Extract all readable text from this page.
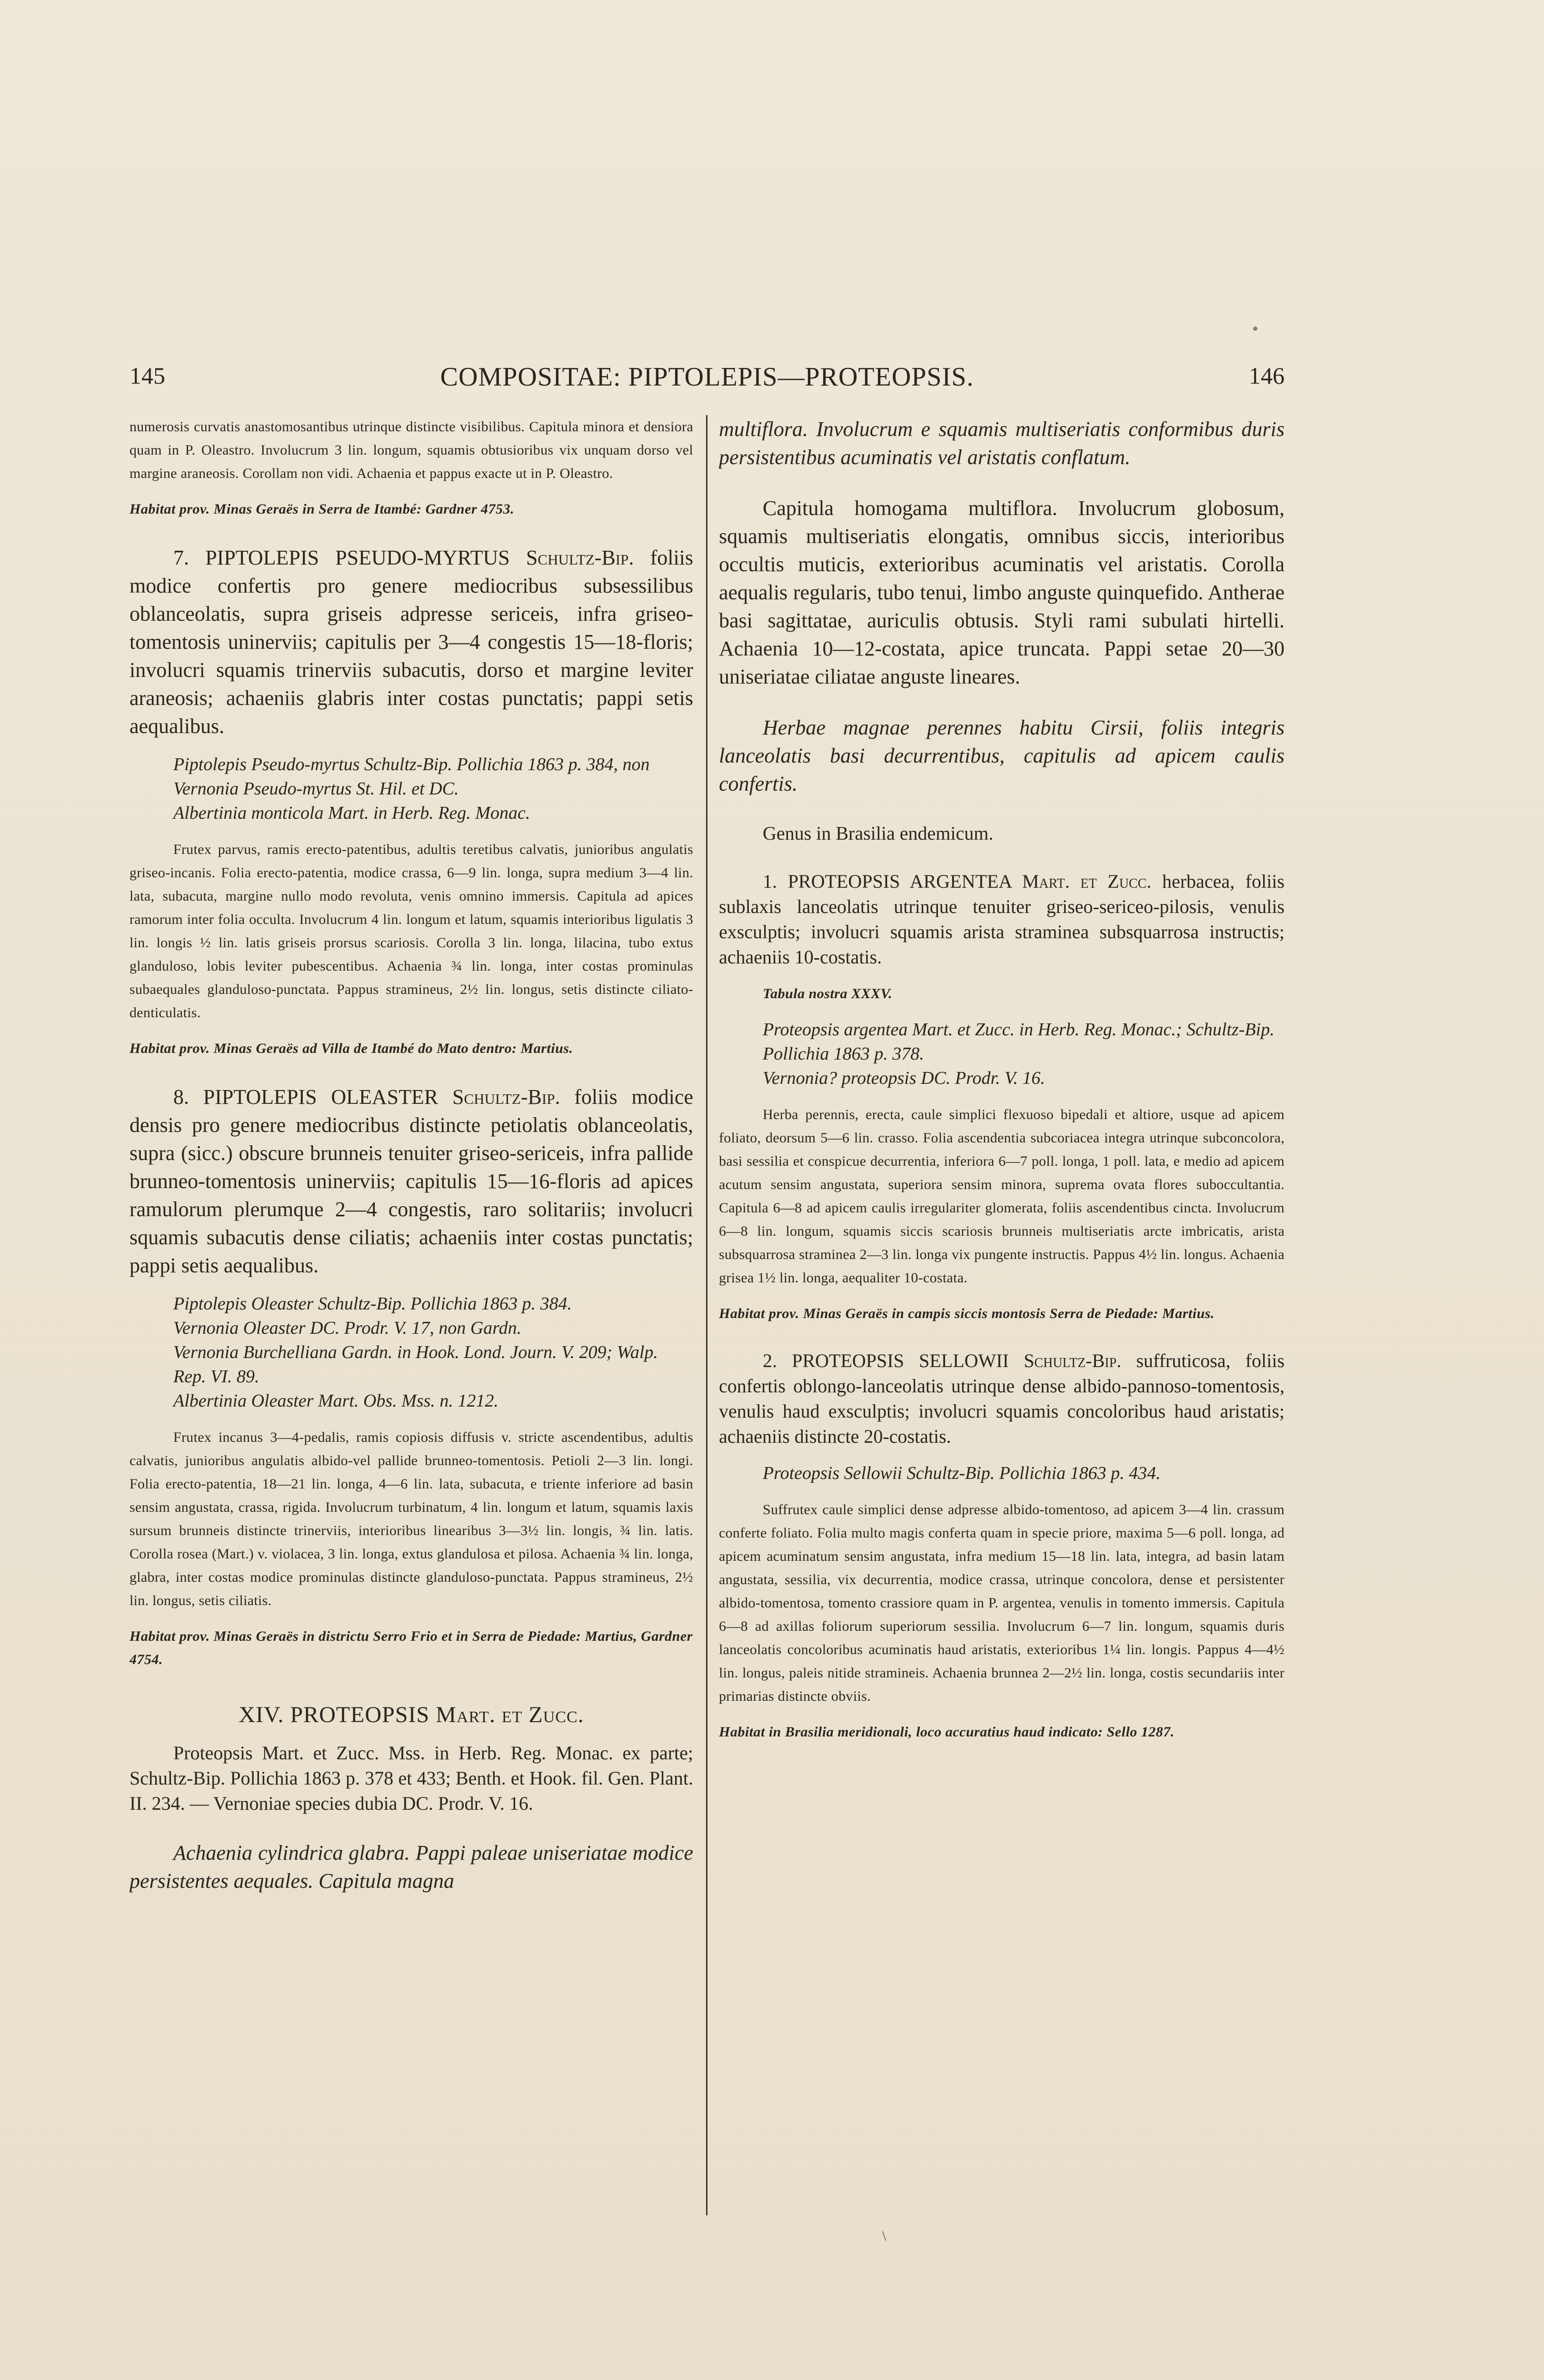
145	COMPOSITAE: PIPTOLEPIS—PROTEOPSIS.	146

numerosis curvatis anastomosantibus utrinque distincte visibilibus. Capitula minora et densiora quam in P. Oleastro. Involucrum 3 lin. longum, squamis obtusioribus vix unquam dorso vel margine araneosis. Corollam non vidi. Achaenia et pappus exacte ut in P. Oleastro.

Habitat prov. Minas Geraës in Serra de Itambé: Gardner 4753.

7. PIPTOLEPIS PSEUDO-MYRTUS Schultz-Bip. foliis modice confertis pro genere mediocribus subsessilibus oblanceolatis, supra griseis adpresse sericeis, infra griseo-tomentosis uninerviis; capitulis per 3—4 congestis 15—18-floris; involucri squamis trinerviis subacutis, dorso et margine leviter araneosis; achaeniis glabris inter costas punctatis; pappi setis aequalibus.

Piptolepis Pseudo-myrtus Schultz-Bip. Pollichia 1863 p. 384, non Vernonia Pseudo-myrtus St. Hil. et DC.

Albertinia monticola Mart. in Herb. Reg. Monac.

Frutex parvus, ramis erecto-patentibus, adultis teretibus calvatis, junioribus angulatis griseo-incanis. Folia erecto-patentia, modice crassa, 6—9 lin. longa, supra medium 3—4 lin. lata, subacuta, margine nullo modo revoluta, venis omnino immersis. Capitula ad apices ramorum inter folia occulta. Involucrum 4 lin. longum et latum, squamis interioribus ligulatis 3 lin. longis ½ lin. latis griseis prorsus scariosis. Corolla 3 lin. longa, lilacina, tubo extus glanduloso, lobis leviter pubescentibus. Achaenia ¾ lin. longa, inter costas prominulas subaequales glanduloso-punctata. Pappus stramineus, 2½ lin. longus, setis distincte ciliato-denticulatis.

Habitat prov. Minas Geraës ad Villa de Itambé do Mato dentro: Martius.

8. PIPTOLEPIS OLEASTER Schultz-Bip. foliis modice densis pro genere mediocribus distincte petiolatis oblanceolatis, supra (sicc.) obscure brunneis tenuiter griseo-sericeis, infra pallide brunneo-tomentosis uninerviis; capitulis 15—16-floris ad apices ramulorum plerumque 2—4 congestis, raro solitariis; involucri squamis subacutis dense ciliatis; achaeniis inter costas punctatis; pappi setis aequalibus.

Piptolepis Oleaster Schultz-Bip. Pollichia 1863 p. 384.

Vernonia Oleaster DC. Prodr. V. 17, non Gardn.

Vernonia Burchelliana Gardn. in Hook. Lond. Journ. V. 209; Walp. Rep. VI. 89.

Albertinia Oleaster Mart. Obs. Mss. n. 1212.

Frutex incanus 3—4-pedalis, ramis copiosis diffusis v. stricte ascendentibus, adultis calvatis, junioribus angulatis albido-vel pallide brunneo-tomentosis. Petioli 2—3 lin. longi. Folia erecto-patentia, 18—21 lin. longa, 4—6 lin. lata, subacuta, e triente inferiore ad basin sensim angustata, crassa, rigida. Involucrum turbinatum, 4 lin. longum et latum, squamis laxis sursum brunneis distincte trinerviis, interioribus linearibus 3—3½ lin. longis, ¾ lin. latis. Corolla rosea (Mart.) v. violacea, 3 lin. longa, extus glandulosa et pilosa. Achaenia ¾ lin. longa, glabra, inter costas modice prominulas distincte glanduloso-punctata. Pappus stramineus, 2½ lin. longus, setis ciliatis.

Habitat prov. Minas Geraës in districtu Serro Frio et in Serra de Piedade: Martius, Gardner 4754.

XIV. PROTEOPSIS Mart. et Zucc.

Proteopsis Mart. et Zucc. Mss. in Herb. Reg. Monac. ex parte; Schultz-Bip. Pollichia 1863 p. 378 et 433; Benth. et Hook. fil. Gen. Plant. II. 234. — Vernoniae species dubia DC. Prodr. V. 16.

Achaenia cylindrica glabra. Pappi paleae uniseriatae modice persistentes aequales. Capitula magna

multiflora. Involucrum e squamis multiseriatis conformibus duris persistentibus acuminatis vel aristatis conflatum.

Capitula homogama multiflora. Involucrum globosum, squamis multiseriatis elongatis, omnibus siccis, interioribus occultis muticis, exterioribus acuminatis vel aristatis. Corolla aequalis regularis, tubo tenui, limbo anguste quinquefido. Antherae basi sagittatae, auriculis obtusis. Styli rami subulati hirtelli. Achaenia 10—12-costata, apice truncata. Pappi setae 20—30 uniseriatae ciliatae anguste lineares.

Herbae magnae perennes habitu Cirsii, foliis integris lanceolatis basi decurrentibus, capitulis ad apicem caulis confertis.

Genus in Brasilia endemicum.

1. PROTEOPSIS ARGENTEA Mart. et Zucc. herbacea, foliis sublaxis lanceolatis utrinque tenuiter griseo-sericeo-pilosis, venulis exsculptis; involucri squamis arista straminea subsquarrosa instructis; achaeniis 10-costatis.

Tabula nostra XXXV.

Proteopsis argentea Mart. et Zucc. in Herb. Reg. Monac.; Schultz-Bip. Pollichia 1863 p. 378.

Vernonia? proteopsis DC. Prodr. V. 16.

Herba perennis, erecta, caule simplici flexuoso bipedali et altiore, usque ad apicem foliato, deorsum 5—6 lin. crasso. Folia ascendentia subcoriacea integra utrinque subconcolora, basi sessilia et conspicue decurrentia, inferiora 6—7 poll. longa, 1 poll. lata, e medio ad apicem acutum sensim angustata, superiora sensim minora, suprema ovata flores suboccultantia. Capitula 6—8 ad apicem caulis irregulariter glomerata, foliis ascendentibus cincta. Involucrum 6—8 lin. longum, squamis siccis scariosis brunneis multiseriatis arcte imbricatis, arista subsquarrosa straminea 2—3 lin. longa vix pungente instructis. Pappus 4½ lin. longus. Achaenia grisea 1½ lin. longa, aequaliter 10-costata.

Habitat prov. Minas Geraës in campis siccis montosis Serra de Piedade: Martius.

2. PROTEOPSIS SELLOWII Schultz-Bip. suffruticosa, foliis confertis oblongo-lanceolatis utrinque dense albido-pannoso-tomentosis, venulis haud exsculptis; involucri squamis concoloribus haud aristatis; achaeniis distincte 20-costatis.

Proteopsis Sellowii Schultz-Bip. Pollichia 1863 p. 434.

Suffrutex caule simplici dense adpresse albido-tomentoso, ad apicem 3—4 lin. crassum conferte foliato. Folia multo magis conferta quam in specie priore, maxima 5—6 poll. longa, ad apicem acuminatum sensim angustata, infra medium 15—18 lin. lata, integra, ad basin latam angustata, sessilia, vix decurrentia, modice crassa, utrinque concolora, dense et persistenter albido-tomentosa, tomento crassiore quam in P. argentea, venulis in tomento immersis. Capitula 6—8 ad axillas foliorum superiorum sessilia. Involucrum 6—7 lin. longum, squamis duris lanceolatis concoloribus acuminatis haud aristatis, exterioribus 1¼ lin. longis. Pappus 4—4½ lin. longus, paleis nitide stramineis. Achaenia brunnea 2—2½ lin. longa, costis secundariis inter primarias distincte obviis.

Habitat in Brasilia meridionali, loco accuratius haud indicato: Sello 1287.

\
